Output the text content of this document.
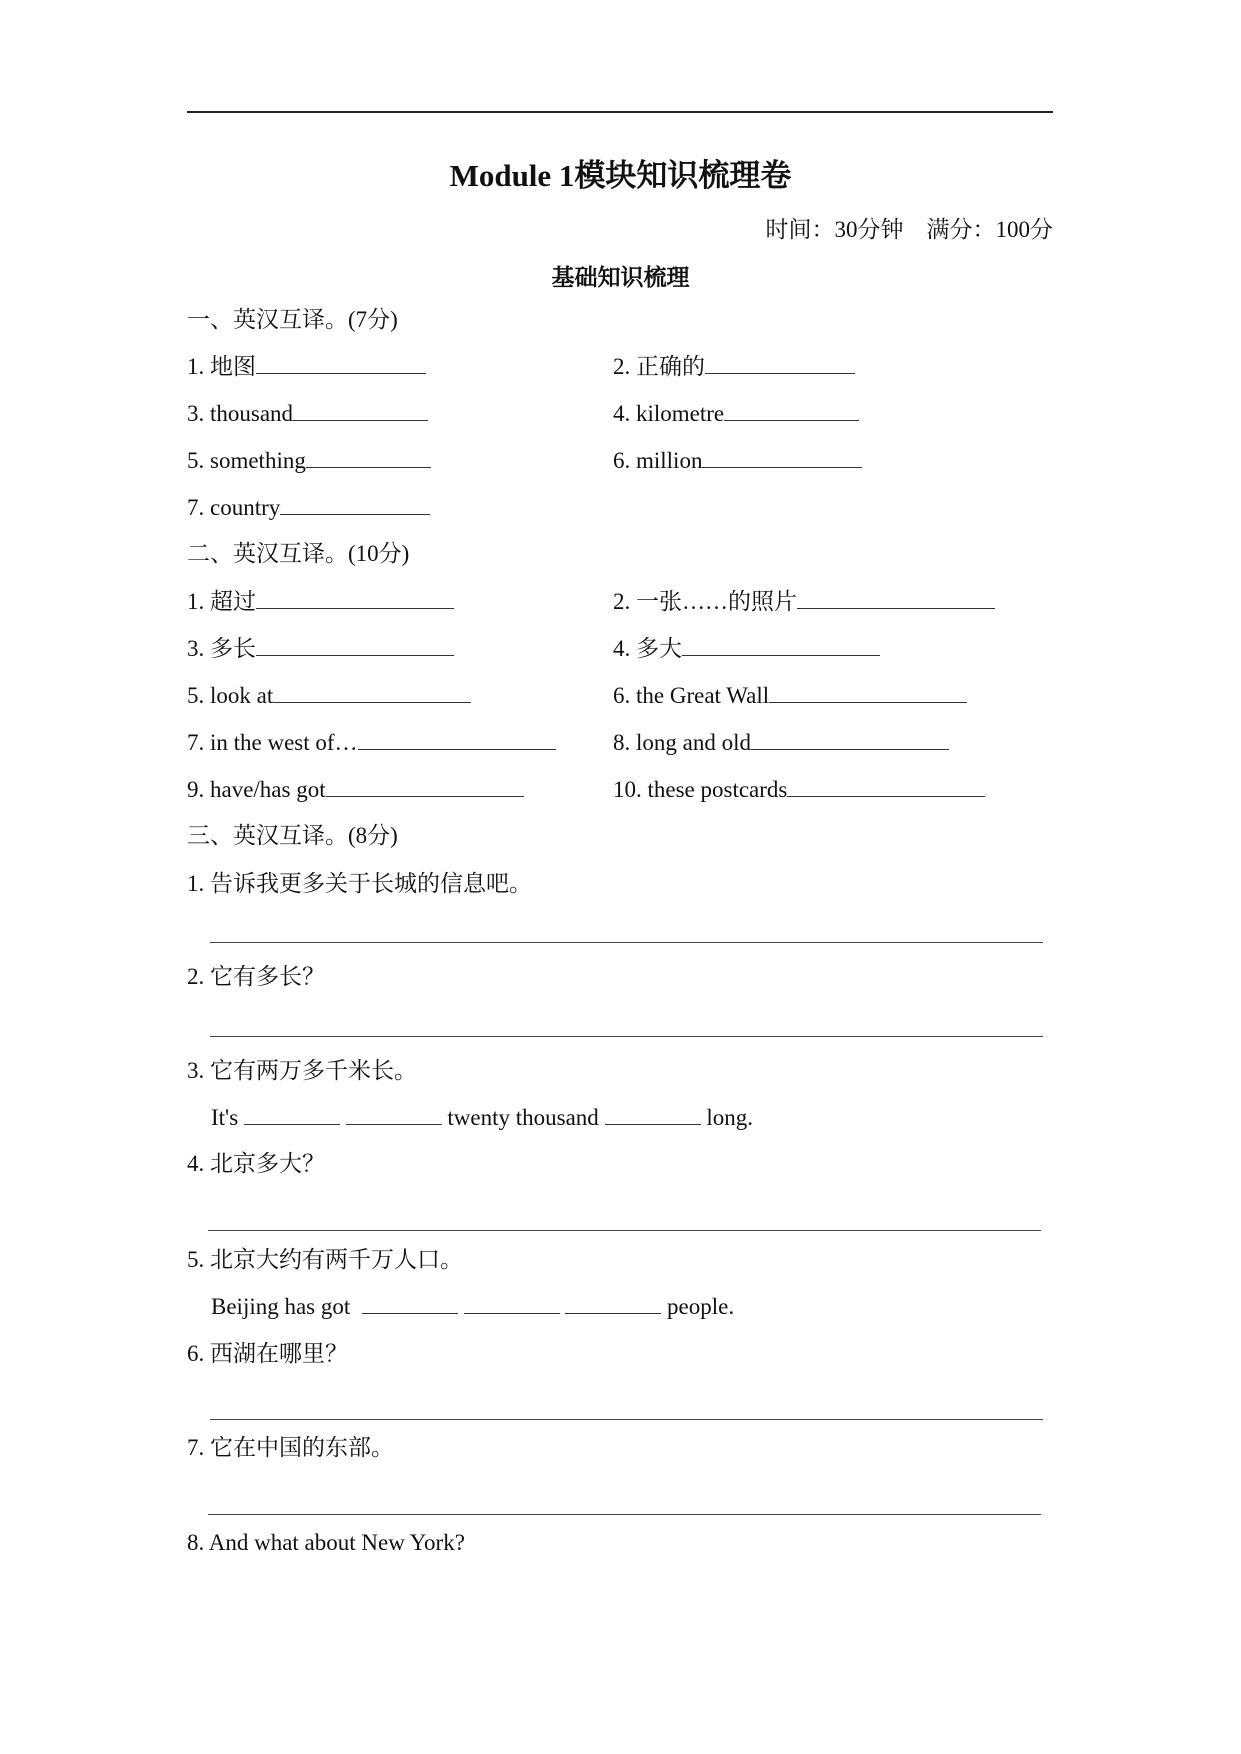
Module 1模块知识梳理卷
时间：30分钟    满分：100分
基础知识梳理
一、英汉互译。(7分)
1. 地图	2. 正确的
3. thousand	4. kilometre
5. something	6. million
7. country
二、英汉互译。(10分)
1. 超过	2. 一张……的照片
3. 多长	4. 多大
5. look at	6. the Great Wall
7. in the west of…	8. long and old
9. have/has got	10. these postcards
三、英汉互译。(8分)
1. 告诉我更多关于长城的信息吧。
2. 它有多长？
3. 它有两万多千米长。
It's	twenty thousand	long.
4. 北京多大？
5. 北京大约有两千万人口。
Beijing has got	people.
6. 西湖在哪里？
7. 它在中国的东部。
8. And what about New York?
